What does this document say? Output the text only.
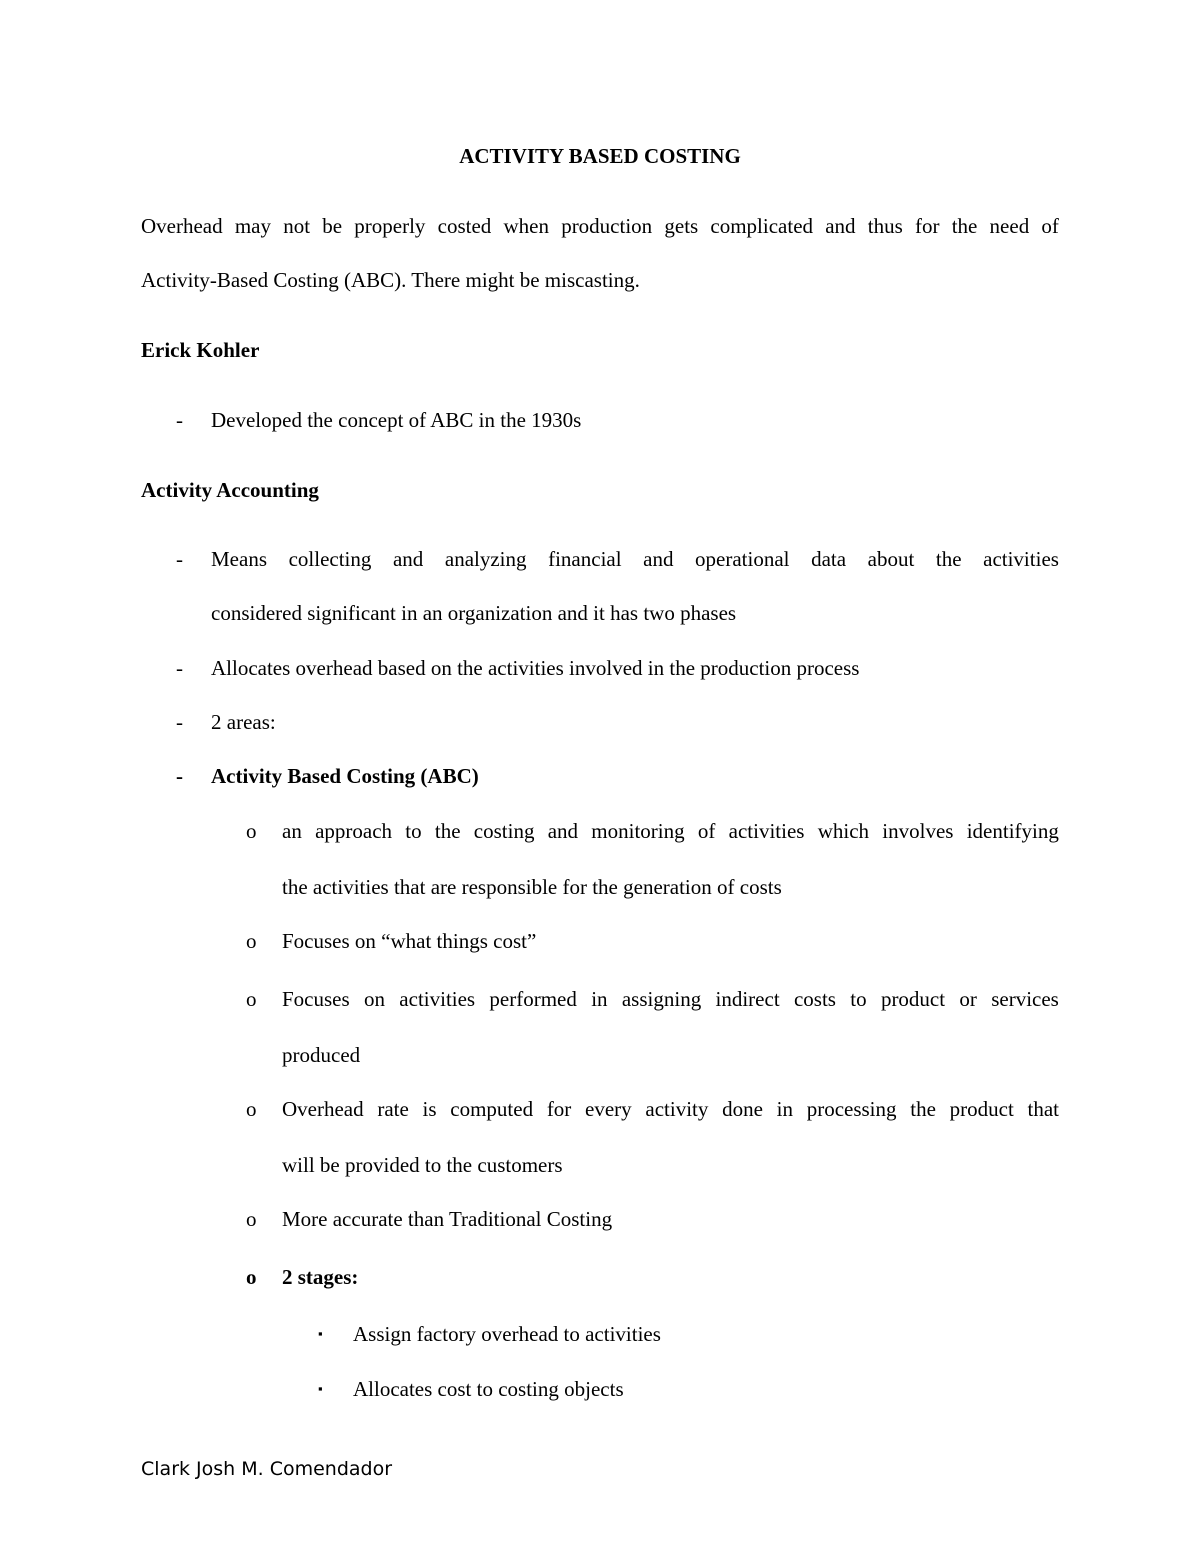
ACTIVITY BASED COSTING
Overhead may not be properly costed when production gets complicated and thus for the need of
Activity-Based Costing (ABC). There might be miscasting.
Erick Kohler
- Developed the concept of ABC in the 1930s
Activity Accounting
- Means collecting and analyzing financial and operational data about the activities
considered significant in an organization and it has two phases
- Allocates overhead based on the activities involved in the production process
- 2 areas:
- Activity Based Costing (ABC)
o an approach to the costing and monitoring of activities which involves identifying
the activities that are responsible for the generation of costs
o Focuses on “what things cost”
o Focuses on activities performed in assigning indirect costs to product or services
produced
o Overhead rate is computed for every activity done in processing the product that
will be provided to the customers
o More accurate than Traditional Costing
o 2 stages:
▪ Assign factory overhead to activities
▪ Allocates cost to costing objects
Clark Josh M. Comendador
